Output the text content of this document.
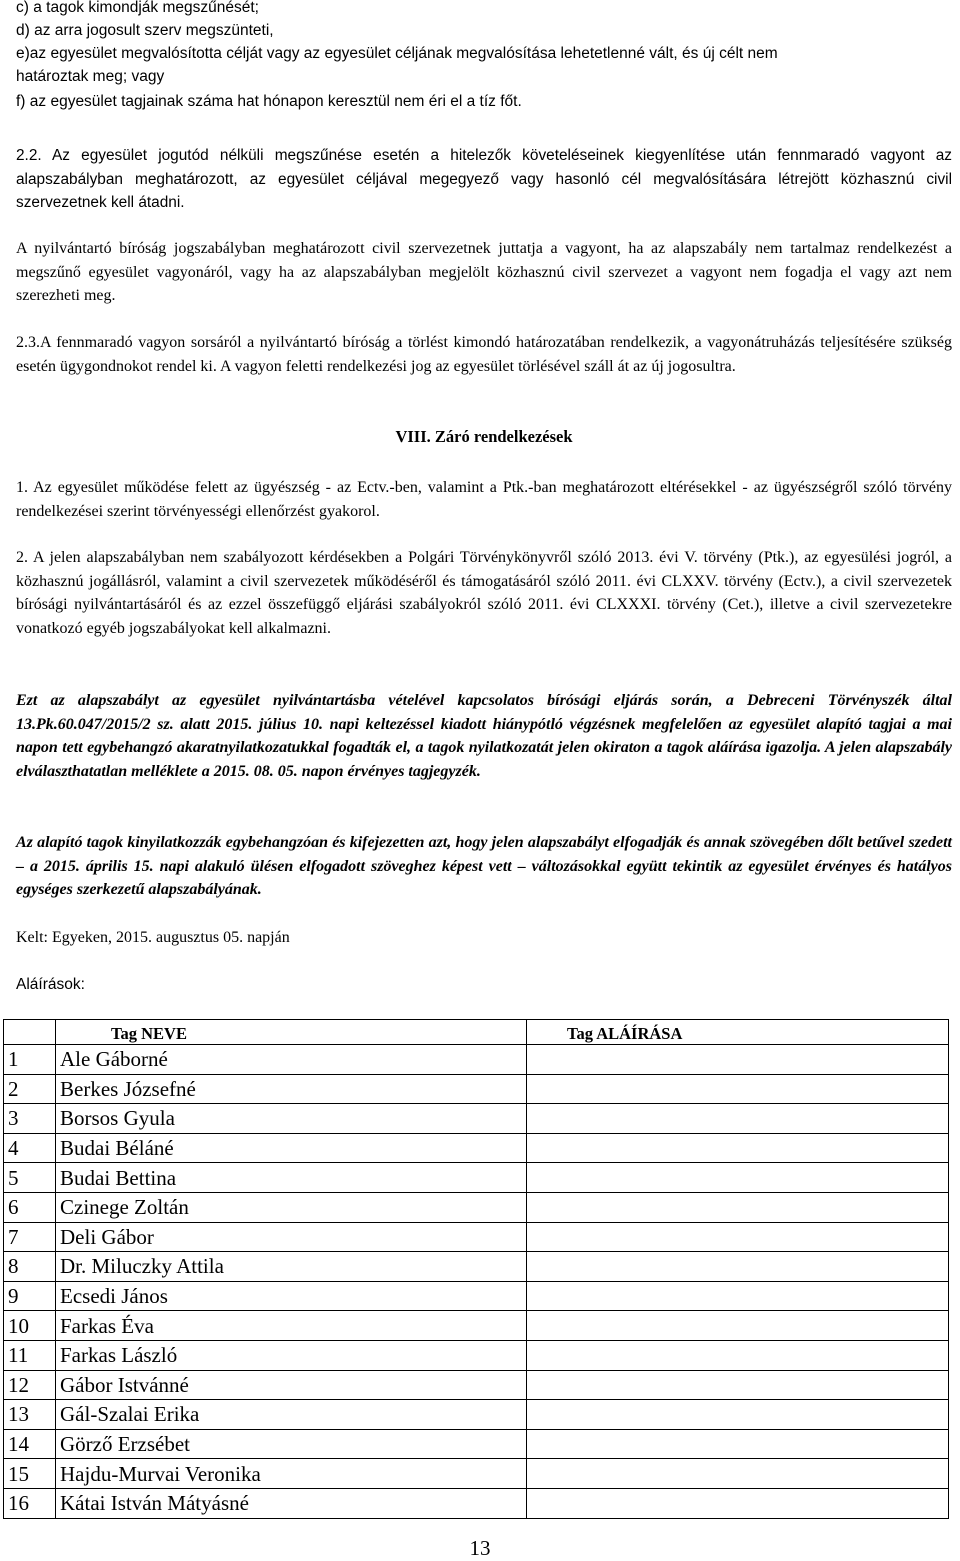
c) a tagok kimondják megszűnését;
d) az arra jogosult szerv megszünteti,
e)az egyesület megvalósította célját vagy az egyesület céljának megvalósítása lehetetlenné vált, és új célt nem
határoztak meg; vagy
f) az egyesület tagjainak száma hat hónapon keresztül nem éri el a tíz főt.

2.2. Az egyesület jogutód nélküli megszűnése esetén a hitelezők követeléseinek kiegyenlítése után fennmaradó vagyont az alapszabályban meghatározott, az egyesület céljával megegyező vagy hasonló cél megvalósítására létrejött közhasznú civil szervezetnek kell átadni.

A nyilvántartó bíróság jogszabályban meghatározott civil szervezetnek juttatja a vagyont, ha az alapszabály nem tartalmaz rendelkezést a megszűnő egyesület vagyonáról, vagy ha az alapszabályban megjelölt közhasznú civil szervezet a vagyont nem fogadja el vagy azt nem szerezheti meg.

2.3.A fennmaradó vagyon sorsáról a nyilvántartó bíróság a törlést kimondó határozatában rendelkezik, a vagyonátruházás teljesítésére szükség esetén ügygondnokot rendel ki. A vagyon feletti rendelkezési jog az egyesület törlésével száll át az új jogosultra.

VIII. Záró rendelkezések

1. Az egyesület működése felett az ügyészség - az Ectv.-ben, valamint a Ptk.-ban meghatározott eltérésekkel - az ügyészségről szóló törvény rendelkezései szerint törvényességi ellenőrzést gyakorol.

2. A jelen alapszabályban nem szabályozott kérdésekben a Polgári Törvénykönyvről szóló 2013. évi V. törvény (Ptk.), az egyesülési jogról, a közhasznú jogállásról, valamint a civil szervezetek működéséről és támogatásáról szóló 2011. évi CLXXV. törvény (Ectv.), a civil szervezetek bírósági nyilvántartásáról és az ezzel összefüggő eljárási szabályokról szóló 2011. évi CLXXXI. törvény (Cet.), illetve a civil szervezetekre vonatkozó egyéb jogszabályokat kell alkalmazni.

Ezt az alapszabályt az egyesület nyilvántartásba vételével kapcsolatos bírósági eljárás során, a Debreceni Törvényszék által 13.Pk.60.047/2015/2 sz. alatt 2015. július 10. napi keltezéssel kiadott hiánypótló végzésnek megfelelően az egyesület alapító tagjai a mai napon tett egybehangzó akaratnyilatkozatukkal fogadták el, a tagok nyilatkozatát jelen okiraton a tagok aláírása igazolja. A jelen alapszabály elválaszthatatlan melléklete a 2015. 08. 05. napon érvényes tagjegyzék.

Az alapító tagok kinyilatkozzák egybehangzóan és kifejezetten azt, hogy jelen alapszabályt elfogadják és annak szövegében dőlt betűvel szedett – a 2015. április 15. napi alakuló ülésen elfogadott szöveghez képest vett – változásokkal együtt tekintik az egyesület érvényes és hatályos egységes szerkezetű alapszabályának.

Kelt: Egyeken, 2015. augusztus 05. napján
Aláírások:
	Tag NEVE	Tag ALÁÍRÁSA
1	Ale Gáborné	
2	Berkes Józsefné	
3	Borsos Gyula	
4	Budai Béláné	
5	Budai Bettina	
6	Czinege Zoltán	
7	Deli Gábor	
8	Dr. Miluczky Attila	
9	Ecsedi János	
10	Farkas Éva	
11	Farkas László	
12	Gábor Istvánné	
13	Gál-Szalai Erika	
14	Görző Erzsébet	
15	Hajdu-Murvai Veronika	
16	Kátai István Mátyásné	
13
